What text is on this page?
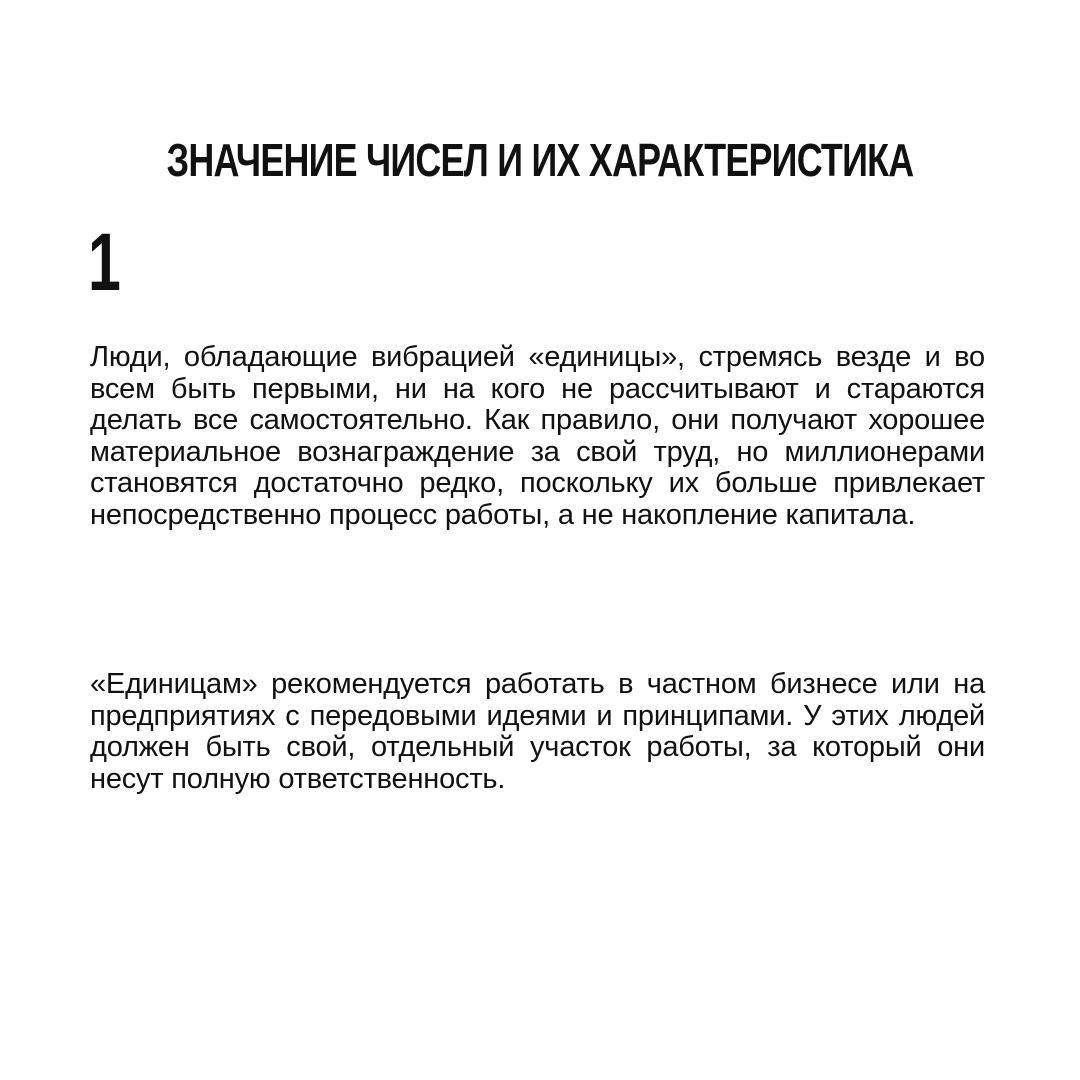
ЗНАЧЕНИЕ ЧИСЕЛ И ИХ ХАРАКТЕРИСТИКА
1

Люди, обладающие вибрацией «единицы», стремясь везде и во всем быть первыми, ни на кого не рассчитывают и стараются делать все самостоятельно. Как правило, они получают хорошее материальное вознаграждение за свой труд, но миллионерами становятся достаточно редко, поскольку их больше привлекает непосредственно процесс работы, а не накопление капитала.

«Единицам» рекомендуется работать в частном бизнесе или на предприятиях с передовыми идеями и принципами. У этих людей должен быть свой, отдельный участок работы, за который они несут полную ответственность.
